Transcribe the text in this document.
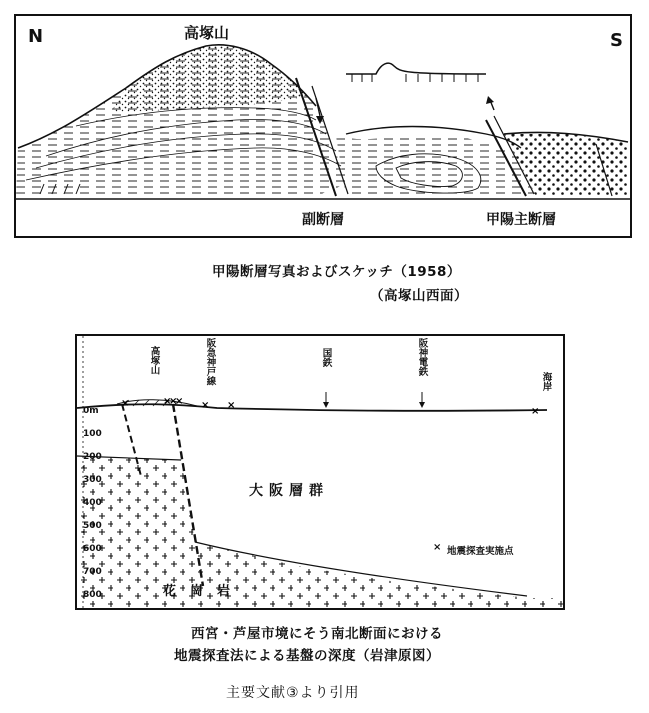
N	S
高塚山
副断層	甲陽主断層
甲陽断層写真およびスケッチ（1958）
（高塚山西面）
×	×
×
× × ×
×
0m
100
200
300
400
500
600
700
800
高塚山	阪急神戸線	国鉄	阪神電鉄
海岸
大阪層群
花崗岩
× 地震探査実施点
西宮・芦屋市境にそう南北断面における
地震探査法による基盤の深度（岩津原図）
主要文献③より引用
